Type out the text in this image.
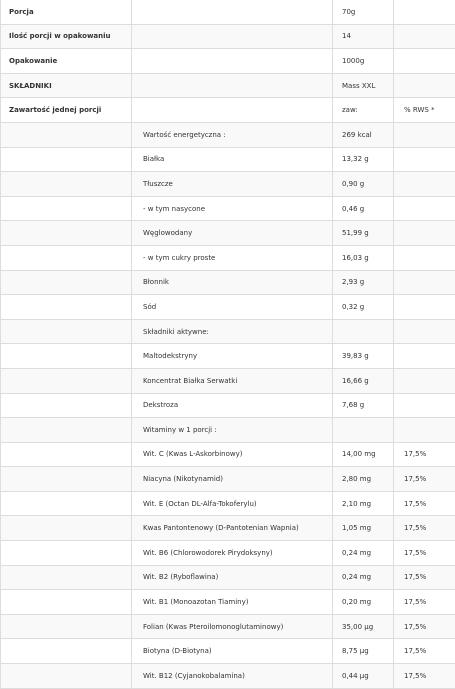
Porcja		70g	
Ilość porcji w opakowaniu		14	
Opakowanie		1000g	
SKŁADNIKI		Mass XXL	
Zawartość jednej porcji		zaw:	% RWS *
	Wartość energetyczna :	269 kcal	
	Białka	13,32 g	
	Tłuszcze	0,90 g	
	- w tym nasycone	0,46 g	
	Węglowodany	51,99 g	
	- w tym cukry proste	16,03 g	
	Błonnik	2,93 g	
	Sód	0,32 g	
	Składniki aktywne:		
	Maltodekstryny	39,83 g	
	Koncentrat Białka Serwatki	16,66 g	
	Dekstroza	7,68 g	
	Witaminy w 1 porcji :		
	Wit. C (Kwas L-Askorbinowy)	14,00 mg	17,5%
	Niacyna (Nikotynamid)	2,80 mg	17,5%
	Wit. E (Octan DL-Alfa-Tokoferylu)	2,10 mg	17,5%
	Kwas Pantontenowy (D-Pantotenian Wapnia)	1,05 mg	17,5%
	Wit. B6 (Chlorowodorek Pirydoksyny)	0,24 mg	17,5%
	Wit. B2 (Ryboflawina)	0,24 mg	17,5%
	Wit. B1 (Monoazotan Tiaminy)	0,20 mg	17,5%
	Folian (Kwas Pteroilomonoglutaminowy)	35,00 µg	17,5%
	Biotyna (D-Biotyna)	8,75 µg	17,5%
	Wit. B12 (Cyjanokobalamina)	0,44 µg	17,5%
